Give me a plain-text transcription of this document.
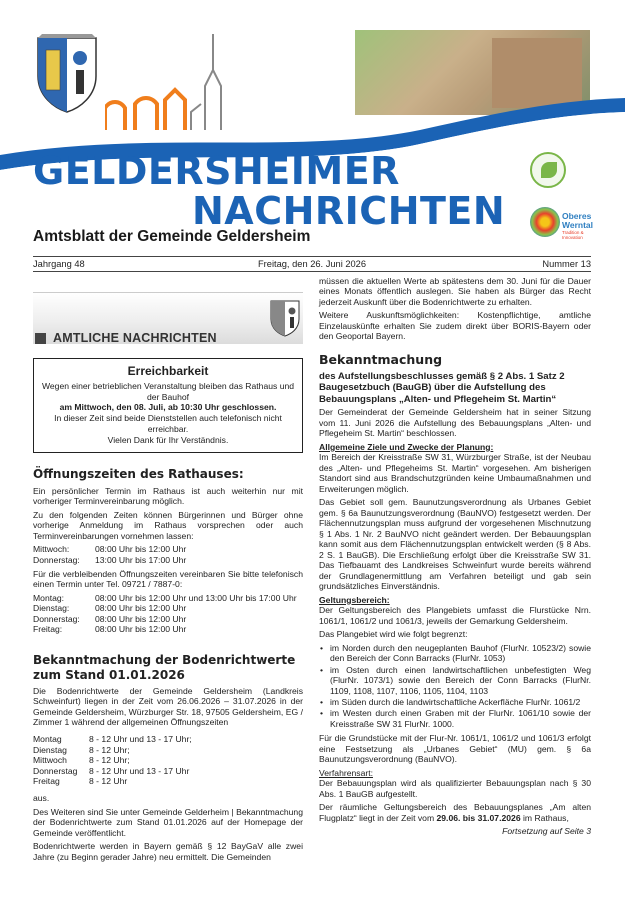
GELDERSHEIMER
NACHRICHTEN
Amtsblatt der Gemeinde Geldersheim
Oberes
Werntal
Tradition & Innovation
Jahrgang 48	Freitag, den 26. Juni 2026	Nummer 13
AMTLICHE NACHRICHTEN
Erreichbarkeit
Wegen einer betrieblichen Veranstaltung bleiben das Rathaus und der Bauhof
am Mittwoch, den 08. Juli, ab 10:30 Uhr geschlossen.
In dieser Zeit sind beide Dienststellen auch telefonisch nicht erreichbar.
Vielen Dank für Ihr Verständnis.
Öffnungszeiten des Rathauses:

Ein persönlicher Termin im Rathaus ist auch weiterhin nur mit vorheriger Terminvereinbarung möglich.

Zu den folgenden Zeiten können Bürgerinnen und Bürger ohne vorherige Anmeldung im Rathaus vorsprechen oder auch Terminvereinbarungen vornehmen lassen:

Mittwoch:	08:00 Uhr bis 12:00 Uhr
Donnerstag:	13:00 Uhr bis 17:00 Uhr

Für die verbleibenden Öffnungszeiten vereinbaren Sie bitte telefonisch einen Termin unter Tel. 09721 / 7887-0:

Montag:	08:00 Uhr bis 12:00 Uhr und 13:00 Uhr bis 17:00 Uhr
Dienstag:	08:00 Uhr bis 12:00 Uhr
Donnerstag:	08:00 Uhr bis 12:00 Uhr
Freitag:	08:00 Uhr bis 12:00 Uhr
Bekanntmachung der Bodenrichtwerte zum Stand 01.01.2026

Die Bodenrichtwerte der Gemeinde Geldersheim (Landkreis Schweinfurt) liegen in der Zeit vom 26.06.2026 – 31.07.2026 in der Gemeinde Geldersheim, Würzburger Str. 18, 97505 Geldersheim, EG / Zimmer 1 während der allgemeinen Öffnungszeiten

Montag	8 - 12 Uhr und 13 - 17 Uhr;
Dienstag	8 - 12 Uhr;
Mittwoch	8 - 12 Uhr;
Donnerstag	8 - 12 Uhr und 13 - 17 Uhr
Freitag	8 - 12 Uhr

aus.

Des Weiteren sind Sie unter Gemeinde Gelderheim | Bekanntmachung der Bodenrichtwerte zum Stand 01.01.2026 auf der Homepage der Gemeinde veröffentlicht.

Bodenrichtwerte werden in Bayern gemäß § 12 BayGaV alle zwei Jahre (zu Beginn gerader Jahre) neu ermittelt. Die Gemeinden

müssen die aktuellen Werte ab spätestens dem 30. Juni für die Dauer eines Monats öffentlich auslegen. Sie haben als Bürger das Recht jederzeit Auskunft über die Bodenrichtwerte zu erhalten.

Weitere Auskunftsmöglichkeiten: Kostenpflichtige, amtliche Einzelauskünfte erhalten Sie zudem direkt über BORIS-Bayern oder den Geoportal Bayern.

Bekanntmachung
des Aufstellungsbeschlusses gemäß § 2 Abs. 1 Satz 2 Baugesetzbuch (BauGB) über die Aufstellung des Bebauungsplans „Alten- und Pflegeheim St. Martin“

Der Gemeinderat der Gemeinde Geldersheim hat in seiner Sitzung vom 11. Juni 2026 die Aufstellung des Bebauungsplans „Alten- und Pflegeheim St. Martin“ beschlossen.

Allgemeine Ziele und Zwecke der Planung:

Im Bereich der Kreisstraße SW 31, Würzburger Straße, ist der Neubau des „Alten- und Pflegeheims St. Martin“ vorgesehen. Am bisherigen Standort sind aus Brandschutzgründen keine Umbaumaßnahmen und Erweiterungen möglich.

Das Gebiet soll gem. Baunutzungsverordnung als Urbanes Gebiet gem. § 6a Baunutzungsverordnung (BauNVO) festgesetzt werden. Der Flächennutzungsplan muss aufgrund der vorgesehenen Mischnutzung § 1 Abs. 1 Nr. 2 BauNVO nicht geändert werden. Der Bebauungsplan kann somit aus dem Flächennutzungsplan entwickelt werden (§ 8 Abs. 2 S. 1 BauGB). Die Erschließung erfolgt über die Kreisstraße SW 31. Das Tiefbauamt des Landkreises Schweinfurt wurde bereits während der Grundlagenermittlung am Verfahren beteiligt und gab sein grundsätzliches Einverständnis.

Geltungsbereich:

Der Geltungsbereich des Plangebiets umfasst die Flurstücke Nrn. 1061/1, 1061/2 und 1061/3, jeweils der Gemarkung Geldersheim.

Das Plangebiet wird wie folgt begrenzt:

• im Norden durch den neugeplanten Bauhof (FlurNr. 10523/2) sowie den Bereich der Conn Barracks (FlurNr. 1053)
• im Osten durch einen landwirtschaftlichen unbefestigten Weg (FlurNr. 1073/1) sowie den Bereich der Conn Barracks (FlurNr. 1109, 1108, 1107, 1106, 1105, 1104, 1103
• im Süden durch die landwirtschaftliche Ackerfläche FlurNr. 1061/2
• im Westen durch einen Graben mit der FlurNr. 1061/10 sowie der Kreisstraße SW 31 FlurNr. 1000.

Für die Grundstücke mit der Flur-Nr. 1061/1, 1061/2 und 1061/3 erfolgt eine Festsetzung als „Urbanes Gebiet“ (MU) gem. § 6a Baunutzungsverordnung (BauNVO).

Verfahrensart:

Der Bebauungsplan wird als qualifizierter Bebauungsplan nach § 30 Abs. 1 BauGB aufgestellt.

Der räumliche Geltungsbereich des Bebauungsplanes „Am alten Flugplatz“ liegt in der Zeit vom 29.06. bis 31.07.2026 im Rathaus,

Fortsetzung auf Seite 3
